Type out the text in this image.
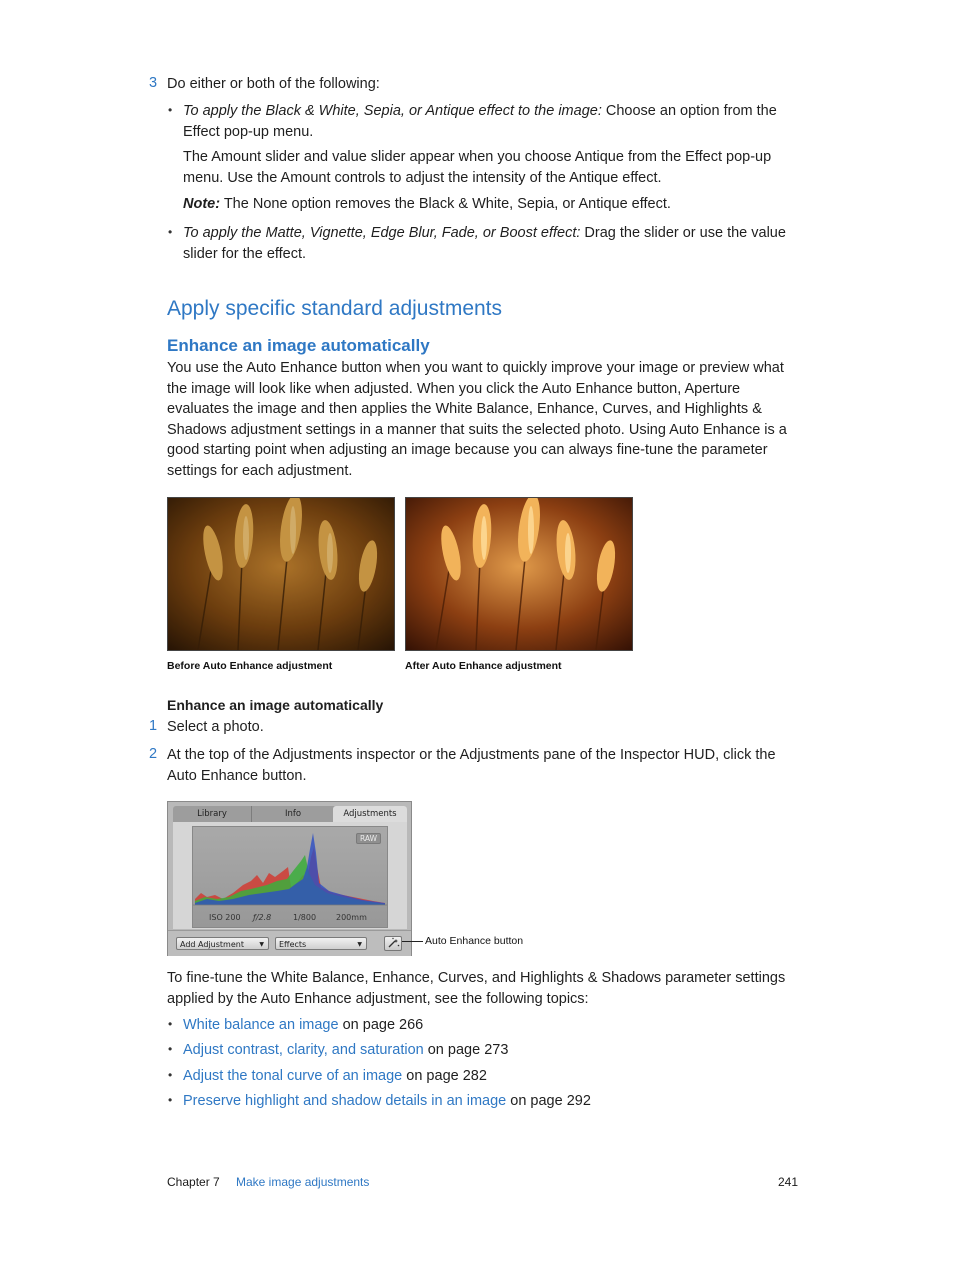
3 Do either or both of the following:
• To apply the Black & White, Sepia, or Antique effect to the image: Choose an option from the Effect pop-up menu.
The Amount slider and value slider appear when you choose Antique from the Effect pop-up menu. Use the Amount controls to adjust the intensity of the Antique effect.
Note: The None option removes the Black & White, Sepia, or Antique effect.
• To apply the Matte, Vignette, Edge Blur, Fade, or Boost effect: Drag the slider or use the value slider for the effect.
Apply specific standard adjustments
Enhance an image automatically
You use the Auto Enhance button when you want to quickly improve your image or preview what the image will look like when adjusted. When you click the Auto Enhance button, Aperture evaluates the image and then applies the White Balance, Enhance, Curves, and Highlights & Shadows adjustment settings in a manner that suits the selected photo. Using Auto Enhance is a good starting point when adjusting an image because you can always fine-tune the parameter settings for each adjustment.
Before Auto Enhance adjustment	After Auto Enhance adjustment
Enhance an image automatically
1 Select a photo.
2 At the top of the Adjustments inspector or the Adjustments pane of the Inspector HUD, click the Auto Enhance button.
Library	Info	Adjustments
RAW
ISO 200 ƒ/2.8	1/800 200mm
Add Adjustment	▼	Effects	▼	Auto Enhance button
To fine-tune the White Balance, Enhance, Curves, and Highlights & Shadows parameter settings applied by the Auto Enhance adjustment, see the following topics:
• White balance an image on page 266
• Adjust contrast, clarity, and saturation on page 273
• Adjust the tonal curve of an image on page 282
• Preserve highlight and shadow details in an image on page 292
Chapter 7 Make image adjustments	241
